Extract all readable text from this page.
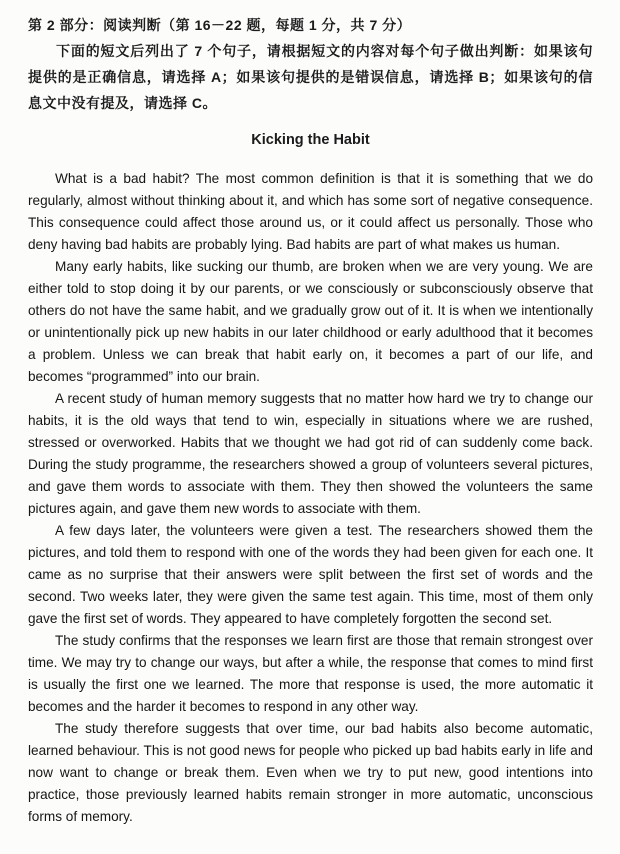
第 2 部分：阅读判断（第 16－22 题，每题 1 分，共 7 分）

下面的短文后列出了 7 个句子，请根据短文的内容对每个句子做出判断：如果该句提供的是正确信息，请选择 A；如果该句提供的是错误信息，请选择 B；如果该句的信息文中没有提及，请选择 C。

Kicking the Habit

What is a bad habit? The most common definition is that it is something that we do regularly, almost without thinking about it, and which has some sort of negative consequence. This consequence could affect those around us, or it could affect us personally. Those who deny having bad habits are probably lying. Bad habits are part of what makes us human.

Many early habits, like sucking our thumb, are broken when we are very young. We are either told to stop doing it by our parents, or we consciously or subconsciously observe that others do not have the same habit, and we gradually grow out of it. It is when we intentionally or unintentionally pick up new habits in our later childhood or early adulthood that it becomes a problem. Unless we can break that habit early on, it becomes a part of our life, and becomes “programmed” into our brain.

A recent study of human memory suggests that no matter how hard we try to change our habits, it is the old ways that tend to win, especially in situations where we are rushed, stressed or overworked. Habits that we thought we had got rid of can suddenly come back. During the study programme, the researchers showed a group of volunteers several pictures, and gave them words to associate with them. They then showed the volunteers the same pictures again, and gave them new words to associate with them.

A few days later, the volunteers were given a test. The researchers showed them the pictures, and told them to respond with one of the words they had been given for each one. It came as no surprise that their answers were split between the first set of words and the second. Two weeks later, they were given the same test again. This time, most of them only gave the first set of words. They appeared to have completely forgotten the second set.

The study confirms that the responses we learn first are those that remain strongest over time. We may try to change our ways, but after a while, the response that comes to mind first is usually the first one we learned. The more that response is used, the more automatic it becomes and the harder it becomes to respond in any other way.

The study therefore suggests that over time, our bad habits also become automatic, learned behaviour. This is not good news for people who picked up bad habits early in life and now want to change or break them. Even when we try to put new, good intentions into practice, those previously learned habits remain stronger in more automatic, unconscious forms of memory.
